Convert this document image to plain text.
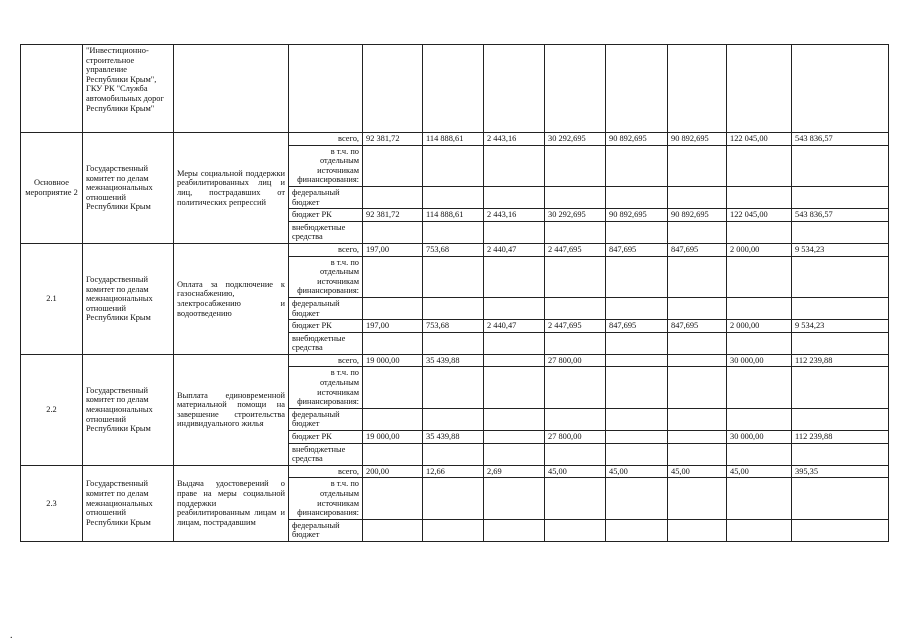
	"Инвестиционно-строительное управление Республики Крым", ГКУ РК "Служба автомобильных дорог Республики Крым"										
Основное мероприятие 2	Государственный комитет по делам межнациональных отношений Республики Крым	Меры социальной поддержки реабилитированных лиц и лиц, пострадавших от политических репрессий	всего,	92 381,72	114 888,61	2 443,16	30 292,695	90 892,695	90 892,695	122 045,00	543 836,57
			в т.ч. по отдельным источникам финансирования:								
			федеральный бюджет								
			бюджет РК	92 381,72	114 888,61	2 443,16	30 292,695	90 892,695	90 892,695	122 045,00	543 836,57
			внебюджетные средства								
2.1	Государственный комитет по делам межнациональных отношений Республики Крым	Оплата за подключение к газоснабжению, электросабжению и водоотведению	всего,	197,00	753,68	2 440,47	2 447,695	847,695	847,695	2 000,00	9 534,23
			в т.ч. по отдельным источникам финансирования:								
			федеральный бюджет								
			бюджет РК	197,00	753,68	2 440,47	2 447,695	847,695	847,695	2 000,00	9 534,23
			внебюджетные средства								
2.2	Государственный комитет по делам межнациональных отношений Республики Крым	Выплата единовременной материальной помощи на завершение строительства индивидуального жилья	всего,	19 000,00	35 439,88		27 800,00			30 000,00	112 239,88
			в т.ч. по отдельным источникам финансирования:								
			федеральный бюджет								
			бюджет РК	19 000,00	35 439,88		27 800,00			30 000,00	112 239,88
			внебюджетные средства								
2.3	Государственный комитет по делам межнациональных отношений Республики Крым	Выдача удостоверений о праве на меры социальной поддержки реабилитированным лицам и лицам, пострадавшим	всего,	200,00	12,66	2,69	45,00	45,00	45,00	45,00	395,35
			в т.ч. по отдельным источникам финансирования:								
			федеральный бюджет								
.
